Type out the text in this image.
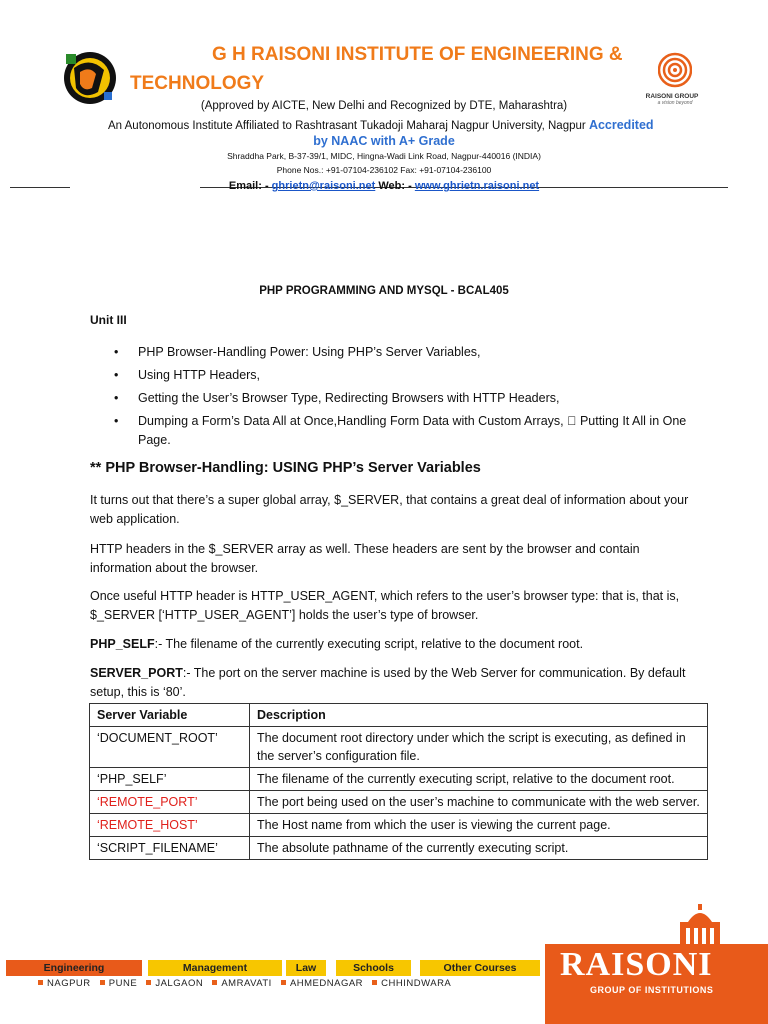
G H RAISONI INSTITUTE OF ENGINEERING &
TECHNOLOGY
RAISONI GROUP
a vision beyond
(Approved by AICTE, New Delhi and Recognized by DTE, Maharashtra)
An Autonomous Institute Affiliated to Rashtrasant Tukadoji Maharaj Nagpur University, Nagpur Accredited
by NAAC with A+ Grade
Shraddha Park, B-37-39/1, MIDC, Hingna-Wadi Link Road, Nagpur-440016 (INDIA)
Phone Nos.: +91-07104-236102 Fax: +91-07104-236100
Email: - ghrietn@raisoni.net Web: - www.ghrietn.raisoni.net
PHP PROGRAMMING AND MYSQL - BCAL405
Unit III
• PHP Browser-Handling Power: Using PHP’s Server Variables,
• Using HTTP Headers,
• Getting the User’s Browser Type, Redirecting Browsers with HTTP Headers,
• Dumping a Form’s Data All at Once,Handling Form Data with Custom Arrays, Putting It All in One Page.
** PHP Browser-Handling: USING PHP’s Server Variables
It turns out that there’s a super global array, $_SERVER, that contains a great deal of information about your web application.
HTTP headers in the $_SERVER array as well. These headers are sent by the browser and contain information about the browser.
Once useful HTTP header is HTTP_USER_AGENT, which refers to the user’s browser type: that is, that is, $_SERVER [‘HTTP_USER_AGENT’] holds the user’s type of browser.
PHP_SELF:- The filename of the currently executing script, relative to the document root.
SERVER_PORT:- The port on the server machine is used by the Web Server for communication. By default setup, this is ‘80’.
Server Variable	Description
‘DOCUMENT_ROOT’	The document root directory under which the script is executing, as defined in the server’s configuration file.
‘PHP_SELF’	The filename of the currently executing script, relative to the document root.
‘REMOTE_PORT’	The port being used on the user’s machine to communicate with the web server.
‘REMOTE_HOST’	The Host name from which the user is viewing the current page.
‘SCRIPT_FILENAME’	The absolute pathname of the currently executing script.
Engineering	Management	Law	Schools	Other Courses
NAGPUR PUNE JALGAON AMRAVATI AHMEDNAGAR CHHINDWARA
RAISONI
GROUP OF INSTITUTIONS
